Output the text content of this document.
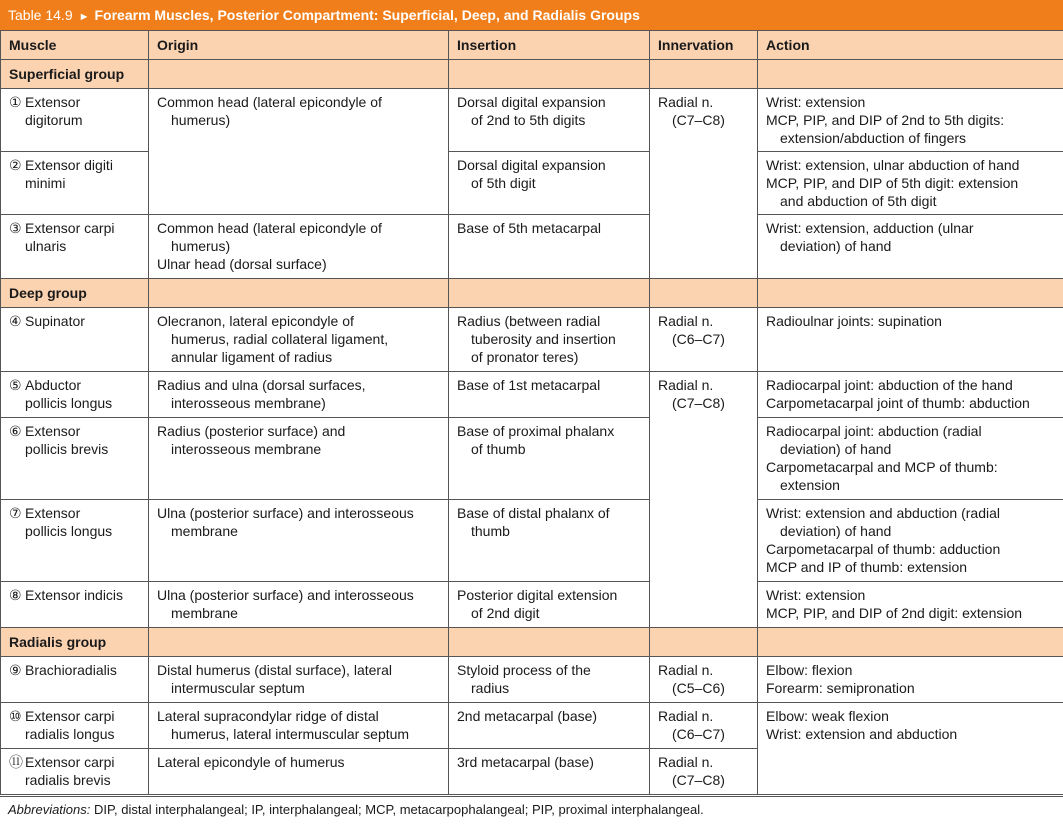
Table 14.9 ► Forearm Muscles, Posterior Compartment: Superficial, Deep, and Radialis Groups
Muscle	Origin	Insertion	Innervation	Action
Superficial group				
① Extensor
digitorum	Common head (lateral epicondyle of
humerus)	Dorsal digital expansion
of 2nd to 5th digits	Radial n.
(C7–C8)	Wrist: extension
MCP, PIP, and DIP of 2nd to 5th digits:
extension/abduction of fingers
② Extensor digiti
minimi		Dorsal digital expansion
of 5th digit		Wrist: extension, ulnar abduction of hand
MCP, PIP, and DIP of 5th digit: extension
and abduction of 5th digit
③ Extensor carpi
ulnaris	Common head (lateral epicondyle of
humerus)
Ulnar head (dorsal surface)	Base of 5th metacarpal		Wrist: extension, adduction (ulnar
deviation) of hand
Deep group				
④ Supinator	Olecranon, lateral epicondyle of
humerus, radial collateral ligament,
annular ligament of radius	Radius (between radial
tuberosity and insertion
of pronator teres)	Radial n.
(C6–C7)	Radioulnar joints: supination
⑤ Abductor
pollicis longus	Radius and ulna (dorsal surfaces,
interosseous membrane)	Base of 1st metacarpal	Radial n.
(C7–C8)	Radiocarpal joint: abduction of the hand
Carpometacarpal joint of thumb: abduction
⑥ Extensor
pollicis brevis	Radius (posterior surface) and
interosseous membrane	Base of proximal phalanx
of thumb		Radiocarpal joint: abduction (radial
deviation) of hand
Carpometacarpal and MCP of thumb:
extension
⑦ Extensor
pollicis longus	Ulna (posterior surface) and interosseous
membrane	Base of distal phalanx of
thumb		Wrist: extension and abduction (radial
deviation) of hand
Carpometacarpal of thumb: adduction
MCP and IP of thumb: extension
⑧ Extensor indicis	Ulna (posterior surface) and interosseous
membrane	Posterior digital extension
of 2nd digit		Wrist: extension
MCP, PIP, and DIP of 2nd digit: extension
Radialis group				
⑨ Brachioradialis	Distal humerus (distal surface), lateral
intermuscular septum	Styloid process of the
radius	Radial n.
(C5–C6)	Elbow: flexion
Forearm: semipronation
⑩ Extensor carpi
radialis longus	Lateral supracondylar ridge of distal
humerus, lateral intermuscular septum	2nd metacarpal (base)	Radial n.
(C6–C7)	Elbow: weak flexion
Wrist: extension and abduction
⑪ Extensor carpi
radialis brevis	Lateral epicondyle of humerus	3rd metacarpal (base)	Radial n.
(C7–C8)	
Abbreviations: DIP, distal interphalangeal; IP, interphalangeal; MCP, metacarpophalangeal; PIP, proximal interphalangeal.
